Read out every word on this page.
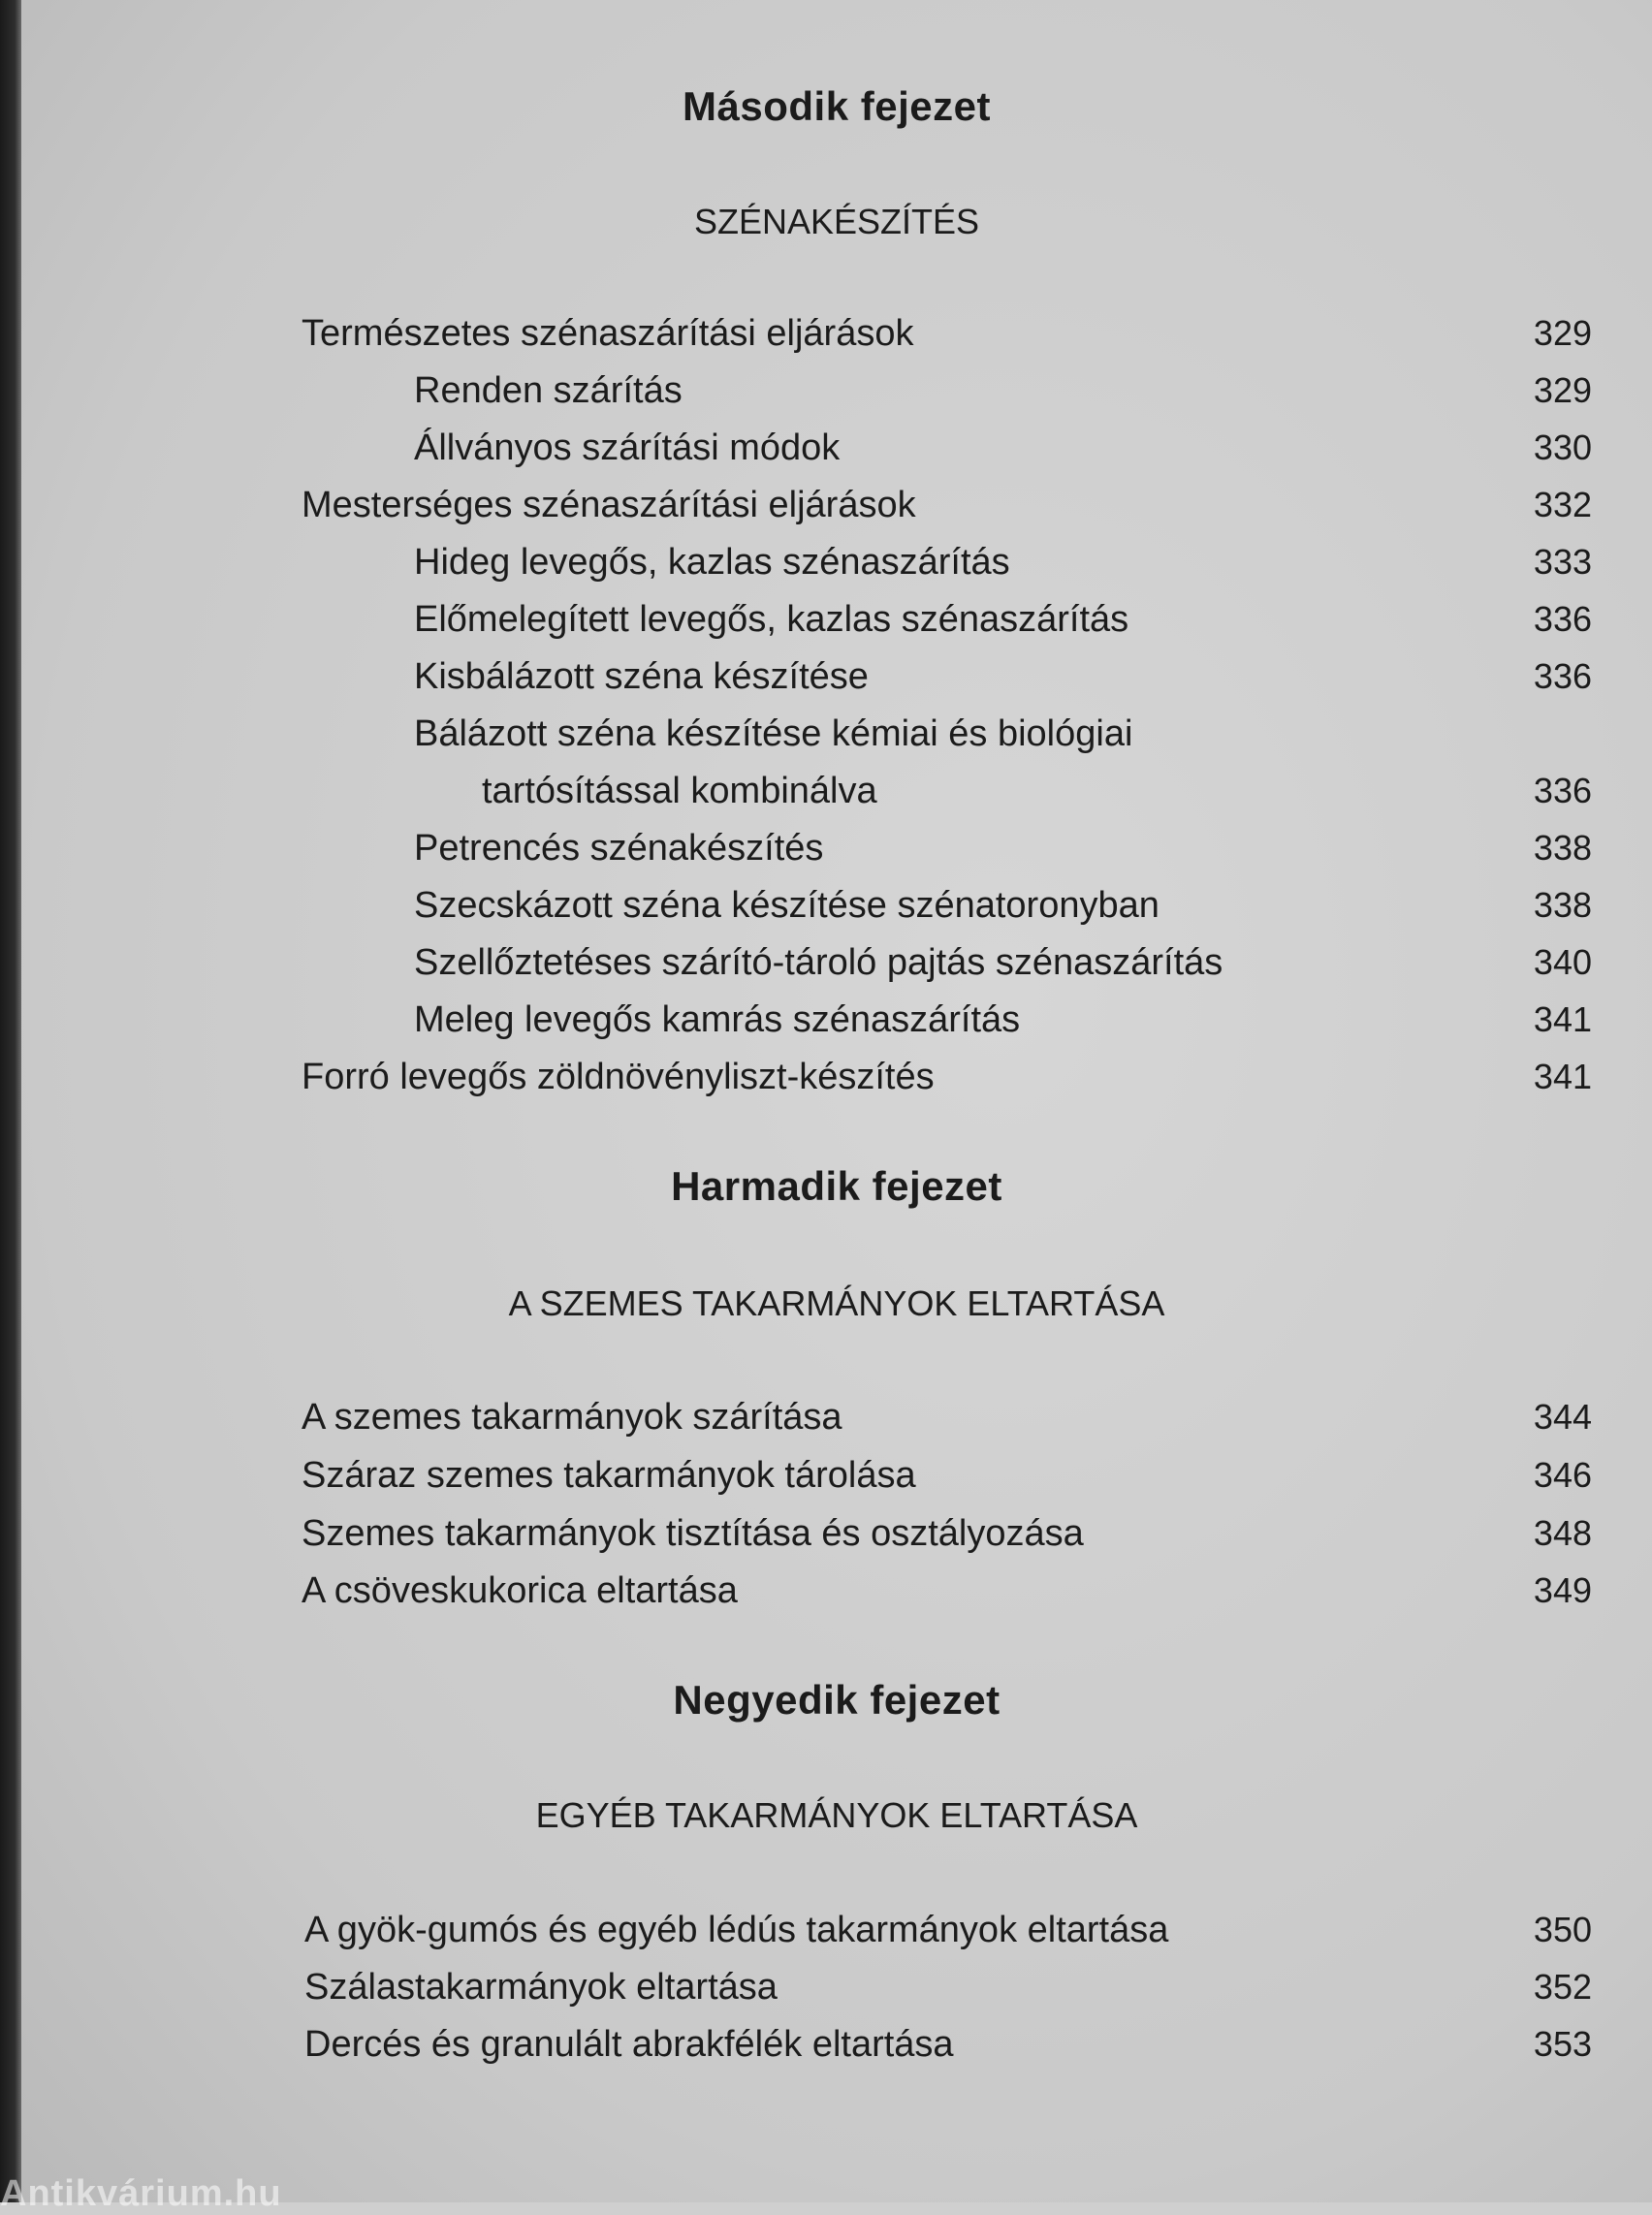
Második fejezet
SZÉNAKÉSZÍTÉS
Természetes szénaszárítási eljárások	329
Renden szárítás	329
Állványos szárítási módok	330
Mesterséges szénaszárítási eljárások	332
Hideg levegős, kazlas szénaszárítás	333
Előmelegített levegős, kazlas szénaszárítás	336
Kisbálázott széna készítése	336
Bálázott széna készítése kémiai és biológiai
tartósítással kombinálva	336
Petrencés szénakészítés	338
Szecskázott széna készítése szénatoronyban	338
Szellőztetéses szárító-tároló pajtás szénaszárítás	340
Meleg levegős kamrás szénaszárítás	341
Forró levegős zöldnövényliszt-készítés	341
Harmadik fejezet
A SZEMES TAKARMÁNYOK ELTARTÁSA
A szemes takarmányok szárítása	344
Száraz szemes takarmányok tárolása	346
Szemes takarmányok tisztítása és osztályozása	348
A csöveskukorica eltartása	349
Negyedik fejezet
EGYÉB TAKARMÁNYOK ELTARTÁSA
A gyök-gumós és egyéb lédús takarmányok eltartása	350
Szálastakarmányok eltartása	352
Dercés és granulált abrakfélék eltartása	353
Antikvárium.hu
